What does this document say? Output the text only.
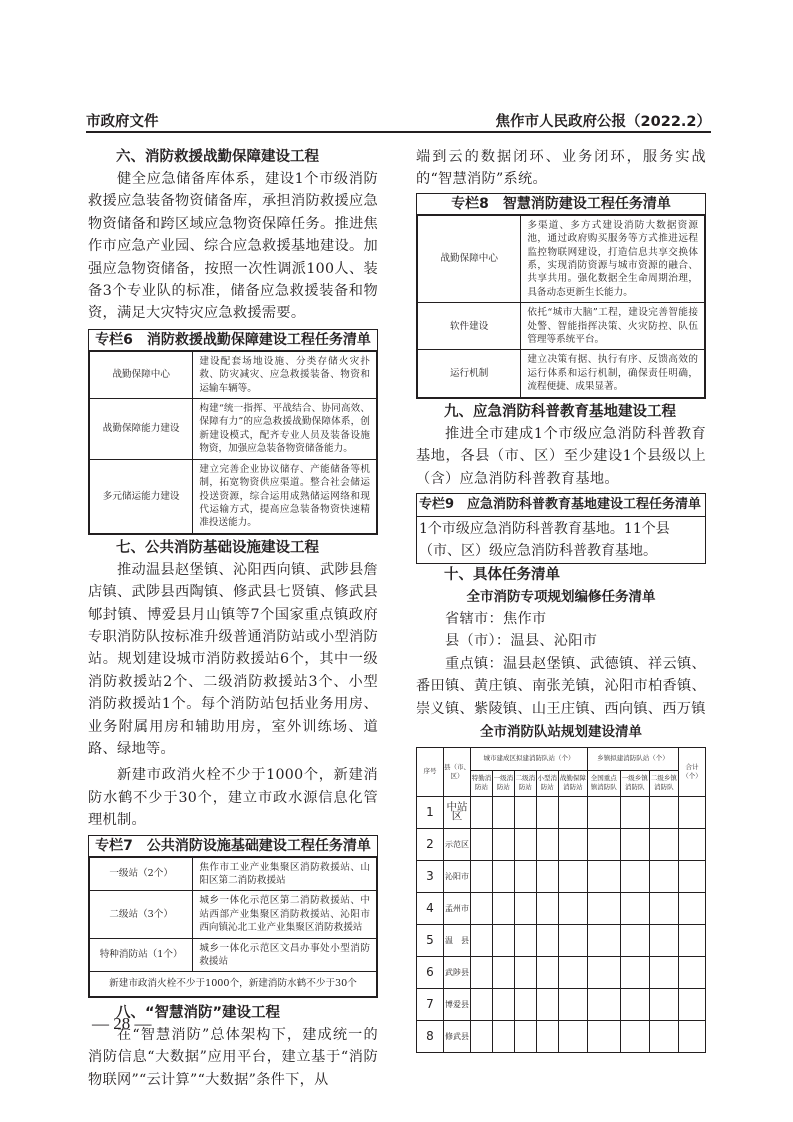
市政府文件	焦作市人民政府公报（2022.2）

六、消防救援战勤保障建设工程

健全应急储备库体系，建设1个市级消防救援应急装备物资储备库，承担消防救援应急物资储备和跨区域应急物资保障任务。推进焦作市应急产业园、综合应急救援基地建设。加强应急物资储备，按照一次性调派100人、装备3个专业队的标准，储备应急救援装备和物资，满足大灾特灾应急救援需要。

专栏6　消防救援战勤保障建设工程任务清单
战勤保障中心	建设配套场地设施、分类存储火灾扑救、防灾减灾、应急救援装备、物资和运输车辆等。
战勤保障能力建设	构建“统一指挥、平战结合、协同高效、保障有力”的应急救援战勤保障体系，创新建设模式，配齐专业人员及装备设施物资，加强应急装备物资储备能力。
多元储运能力建设	建立完善企业协议储存、产能储备等机制，拓宽物资供应渠道。整合社会储运投送资源，综合运用成熟储运网络和现代运输方式，提高应急装备物资快速精准投送能力。

七、公共消防基础设施建设工程

推动温县赵堡镇、沁阳西向镇、武陟县詹店镇、武陟县西陶镇、修武县七贤镇、修武县郇封镇、博爱县月山镇等7个国家重点镇政府专职消防队按标准升级普通消防站或小型消防站。规划建设城市消防救援站6个，其中一级消防救援站2个、二级消防救援站3个、小型消防救援站1个。每个消防站包括业务用房、业务附属用房和辅助用房，室外训练场、道路、绿地等。

新建市政消火栓不少于1000个，新建消防水鹤不少于30个，建立市政水源信息化管理机制。

专栏7　公共消防设施基础建设工程任务清单
一级站（2个）	焦作市工业产业集聚区消防救援站、山阳区第二消防救援站
二级站（3个）	城乡一体化示范区第二消防救援站、中站西部产业集聚区消防救援站、沁阳市西向镇沁北工业产业集聚区消防救援站
特种消防站（1个）	城乡一体化示范区文昌办事处小型消防救援站
新建市政消火栓不少于1000个，新建消防水鹤不少于30个	

八、“智慧消防”建设工程

在“智慧消防”总体架构下，建成统一的消防信息“大数据”应用平台，建立基于“消防物联网”“云计算”“大数据”条件下，从

端到云的数据闭环、业务闭环，服务实战的“智慧消防”系统。

专栏8　智慧消防建设工程任务清单
战勤保障中心	多渠道、多方式建设消防大数据资源池，通过政府购买服务等方式推进远程监控物联网建设，打造信息共享交换体系，实现消防资源与城市资源的融合、共享共用。强化数据全生命周期治理，具备动态更新生长能力。
软件建设	依托“城市大脑”工程，建设完善智能接处警、智能指挥决策、火灾防控、队伍管理等系统平台。
运行机制	建立决策有据、执行有序、反馈高效的运行体系和运行机制，确保责任明确，流程便捷、成果显著。

九、应急消防科普教育基地建设工程

推进全市建成1个市级应急消防科普教育基地，各县（市、区）至少建设1个县级以上（含）应急消防科普教育基地。

专栏9　应急消防科普教育基地建设工程任务清单
1个市级应急消防科普教育基地。11个县（市、区）级应急消防科普教育基地。

十、具体任务清单

全市消防专项规划编修任务清单

省辖市：焦作市

县（市）：温县、沁阳市

重点镇：温县赵堡镇、武德镇、祥云镇、番田镇、黄庄镇、南张羌镇，沁阳市柏香镇、崇义镇、紫陵镇、山王庄镇、西向镇、西万镇

全市消防队站规划建设清单

序号	县（市、区）	城市建成区拟建消防队站（个）					乡镇拟建消防队站（个）			合计（个）
		特勤消防站	一级消防站	二级消防站	小型消防站	战勤保障消防站	全国重点镇消防队	一级乡镇消防队	二级乡镇消防队	
1	中站区									
2	示范区									
3	沁阳市									
4	孟州市									
5	温　县									
6	武陟县									
7	博爱县									
8	修武县									
— 28 —
